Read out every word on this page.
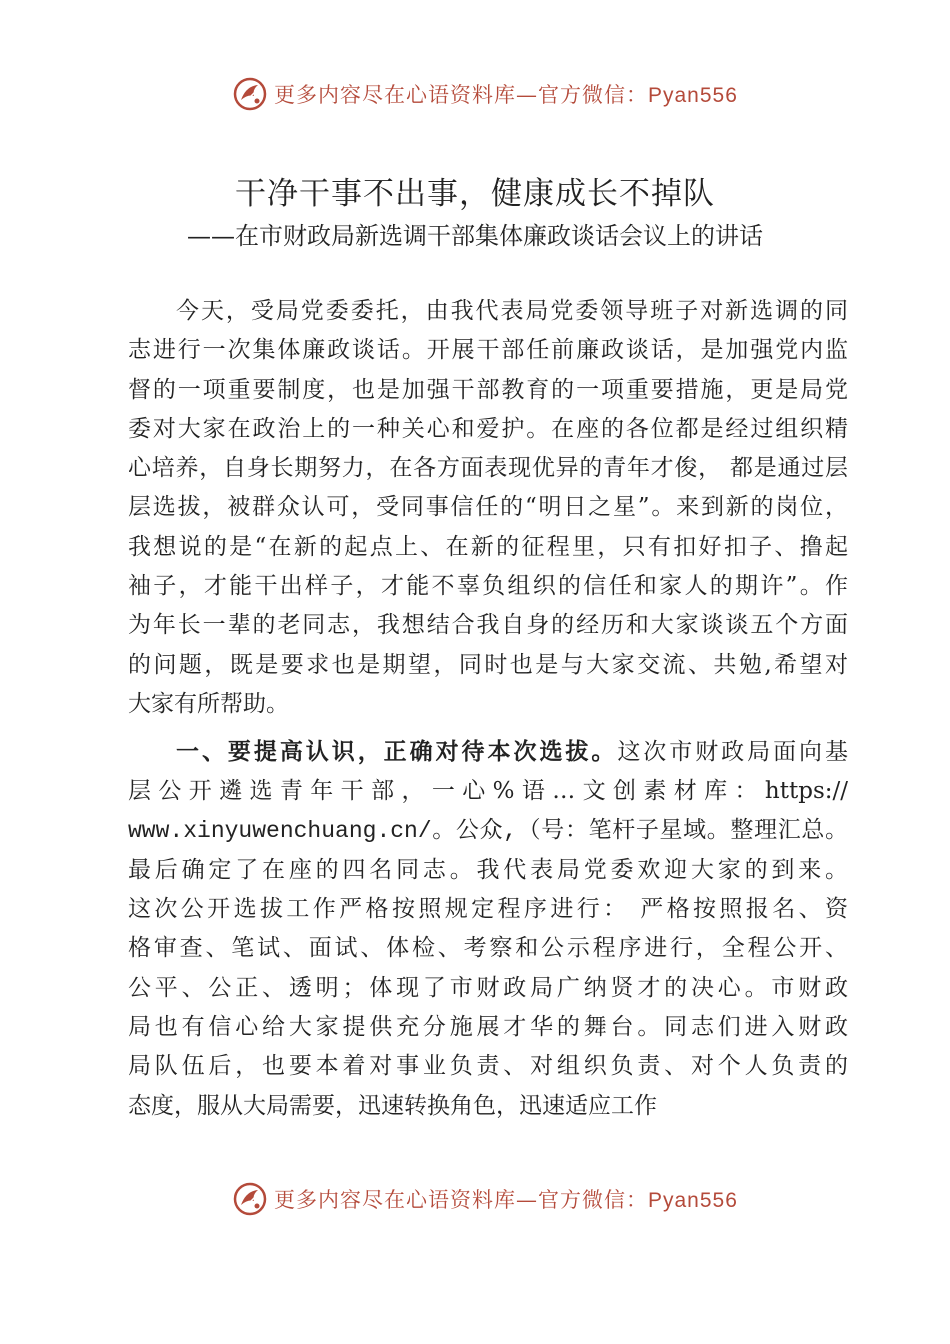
更多内容尽在心语资料库—官方微信：Pyan556
干净干事不出事，健康成长不掉队
——在市财政局新选调干部集体廉政谈话会议上的讲话
今天，受局党委委托，由我代表局党委领导班子对新选调的同
志进行一次集体廉政谈话。开展干部任前廉政谈话，是加强党内监
督的一项重要制度，也是加强干部教育的一项重要措施，更是局党
委对大家在政治上的一种关心和爱护。在座的各位都是经过组织精
心培养，自身长期努力，在各方面表现优异的青年才俊， 都是通过层
层选拔，被群众认可，受同事信任的“明日之星”。来到新的岗位，
我想说的是“在新的起点上、在新的征程里，只有扣好扣子、撸起
袖子，才能干出样子，才能不辜负组织的信任和家人的期许”。作
为年长一辈的老同志，我想结合我自身的经历和大家谈谈五个方面
的问题，既是要求也是期望，同时也是与大家交流、共勉,希望对
大家有所帮助。
一、要提高认识，正确对待本次选拔。这次市财政局面向基
层公开遴选青年干部，一心%语…文创素材库：https://
www.xinyuwenchuang.cn/。公众,（号：笔杆子星域。整理汇总。
最后确定了在座的四名同志。我代表局党委欢迎大家的到来。
这次公开选拔工作严格按照规定程序进行： 严格按照报名、资
格审查、笔试、面试、体检、考察和公示程序进行，全程公开、
公平、公正、透明；体现了市财政局广纳贤才的决心。市财政
局也有信心给大家提供充分施展才华的舞台。同志们进入财政
局队伍后，也要本着对事业负责、对组织负责、对个人负责的
态度，服从大局需要，迅速转换角色，迅速适应工作
更多内容尽在心语资料库—官方微信：Pyan556
